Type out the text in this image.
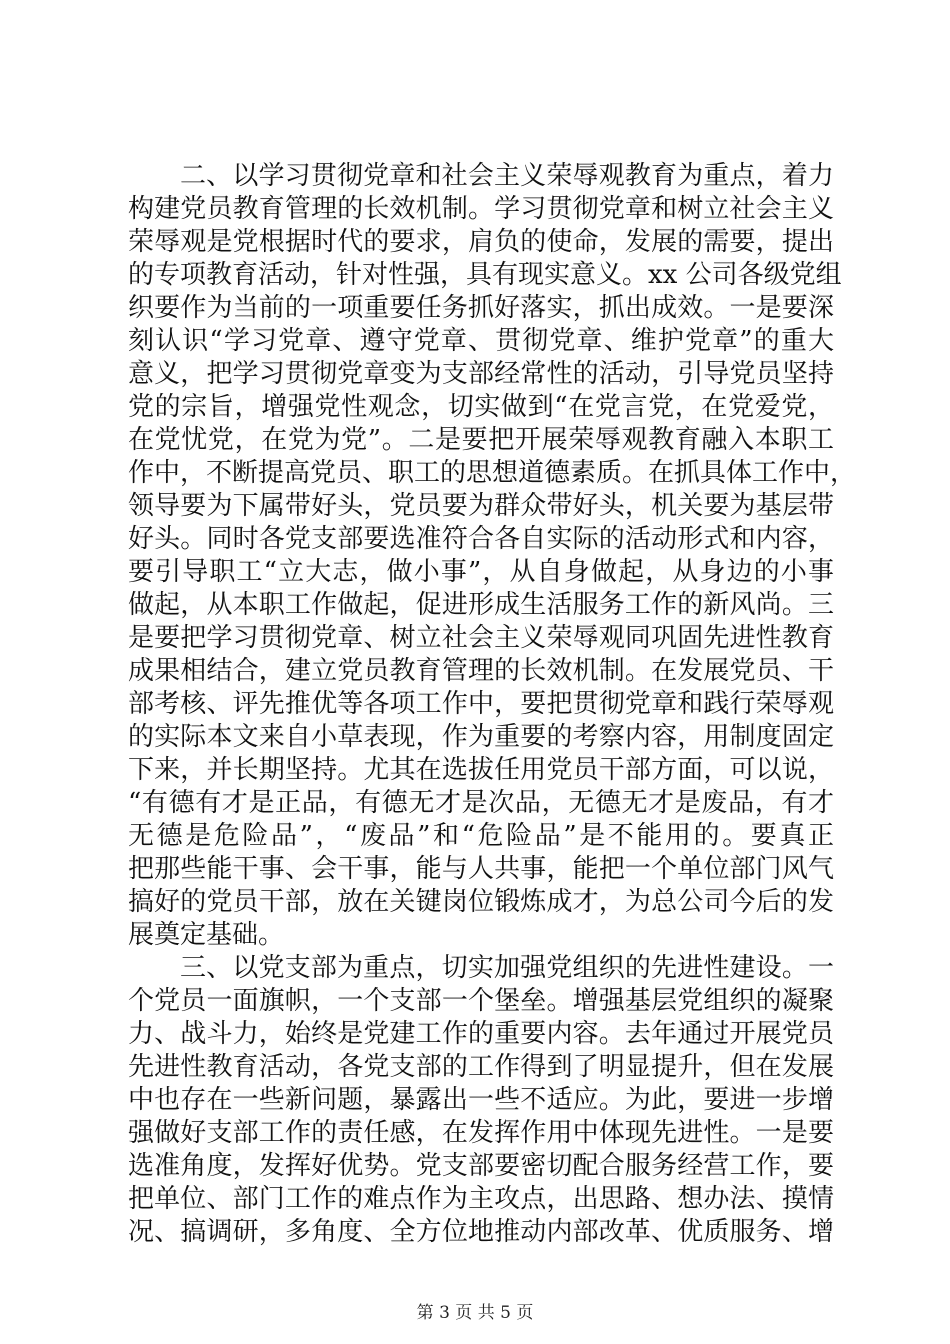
二、以学习贯彻党章和社会主义荣辱观教育为重点，着力
构建党员教育管理的长效机制。学习贯彻党章和树立社会主义
荣辱观是党根据时代的要求，肩负的使命，发展的需要，提出
的专项教育活动，针对性强，具有现实意义。xx 公司各级党组
织要作为当前的一项重要任务抓好落实，抓出成效。一是要深
刻认识“学习党章、遵守党章、贯彻党章、维护党章”的重大
意义，把学习贯彻党章变为支部经常性的活动，引导党员坚持
党的宗旨，增强党性观念，切实做到“在党言党，在党爱党，
在党忧党，在党为党”。二是要把开展荣辱观教育融入本职工
作中，不断提高党员、职工的思想道德素质。在抓具体工作中，
领导要为下属带好头，党员要为群众带好头，机关要为基层带
好头。同时各党支部要选准符合各自实际的活动形式和内容，
要引导职工“立大志，做小事”，从自身做起，从身边的小事
做起，从本职工作做起，促进形成生活服务工作的新风尚。三
是要把学习贯彻党章、树立社会主义荣辱观同巩固先进性教育
成果相结合，建立党员教育管理的长效机制。在发展党员、干
部考核、评先推优等各项工作中，要把贯彻党章和践行荣辱观
的实际本文来自小草表现，作为重要的考察内容，用制度固定
下来，并长期坚持。尤其在选拔任用党员干部方面，可以说，
“有德有才是正品，有德无才是次品，无德无才是废品，有才
无德是危险品”，“废品”和“危险品”是不能用的。要真正
把那些能干事、会干事，能与人共事，能把一个单位部门风气
搞好的党员干部，放在关键岗位锻炼成才，为总公司今后的发
展奠定基础。
三、以党支部为重点，切实加强党组织的先进性建设。一
个党员一面旗帜，一个支部一个堡垒。增强基层党组织的凝聚
力、战斗力，始终是党建工作的重要内容。去年通过开展党员
先进性教育活动，各党支部的工作得到了明显提升，但在发展
中也存在一些新问题，暴露出一些不适应。为此，要进一步增
强做好支部工作的责任感，在发挥作用中体现先进性。一是要
选准角度，发挥好优势。党支部要密切配合服务经营工作，要
把单位、部门工作的难点作为主攻点，出思路、想办法、摸情
况、搞调研，多角度、全方位地推动内部改革、优质服务、增
第 3 页 共 5 页
